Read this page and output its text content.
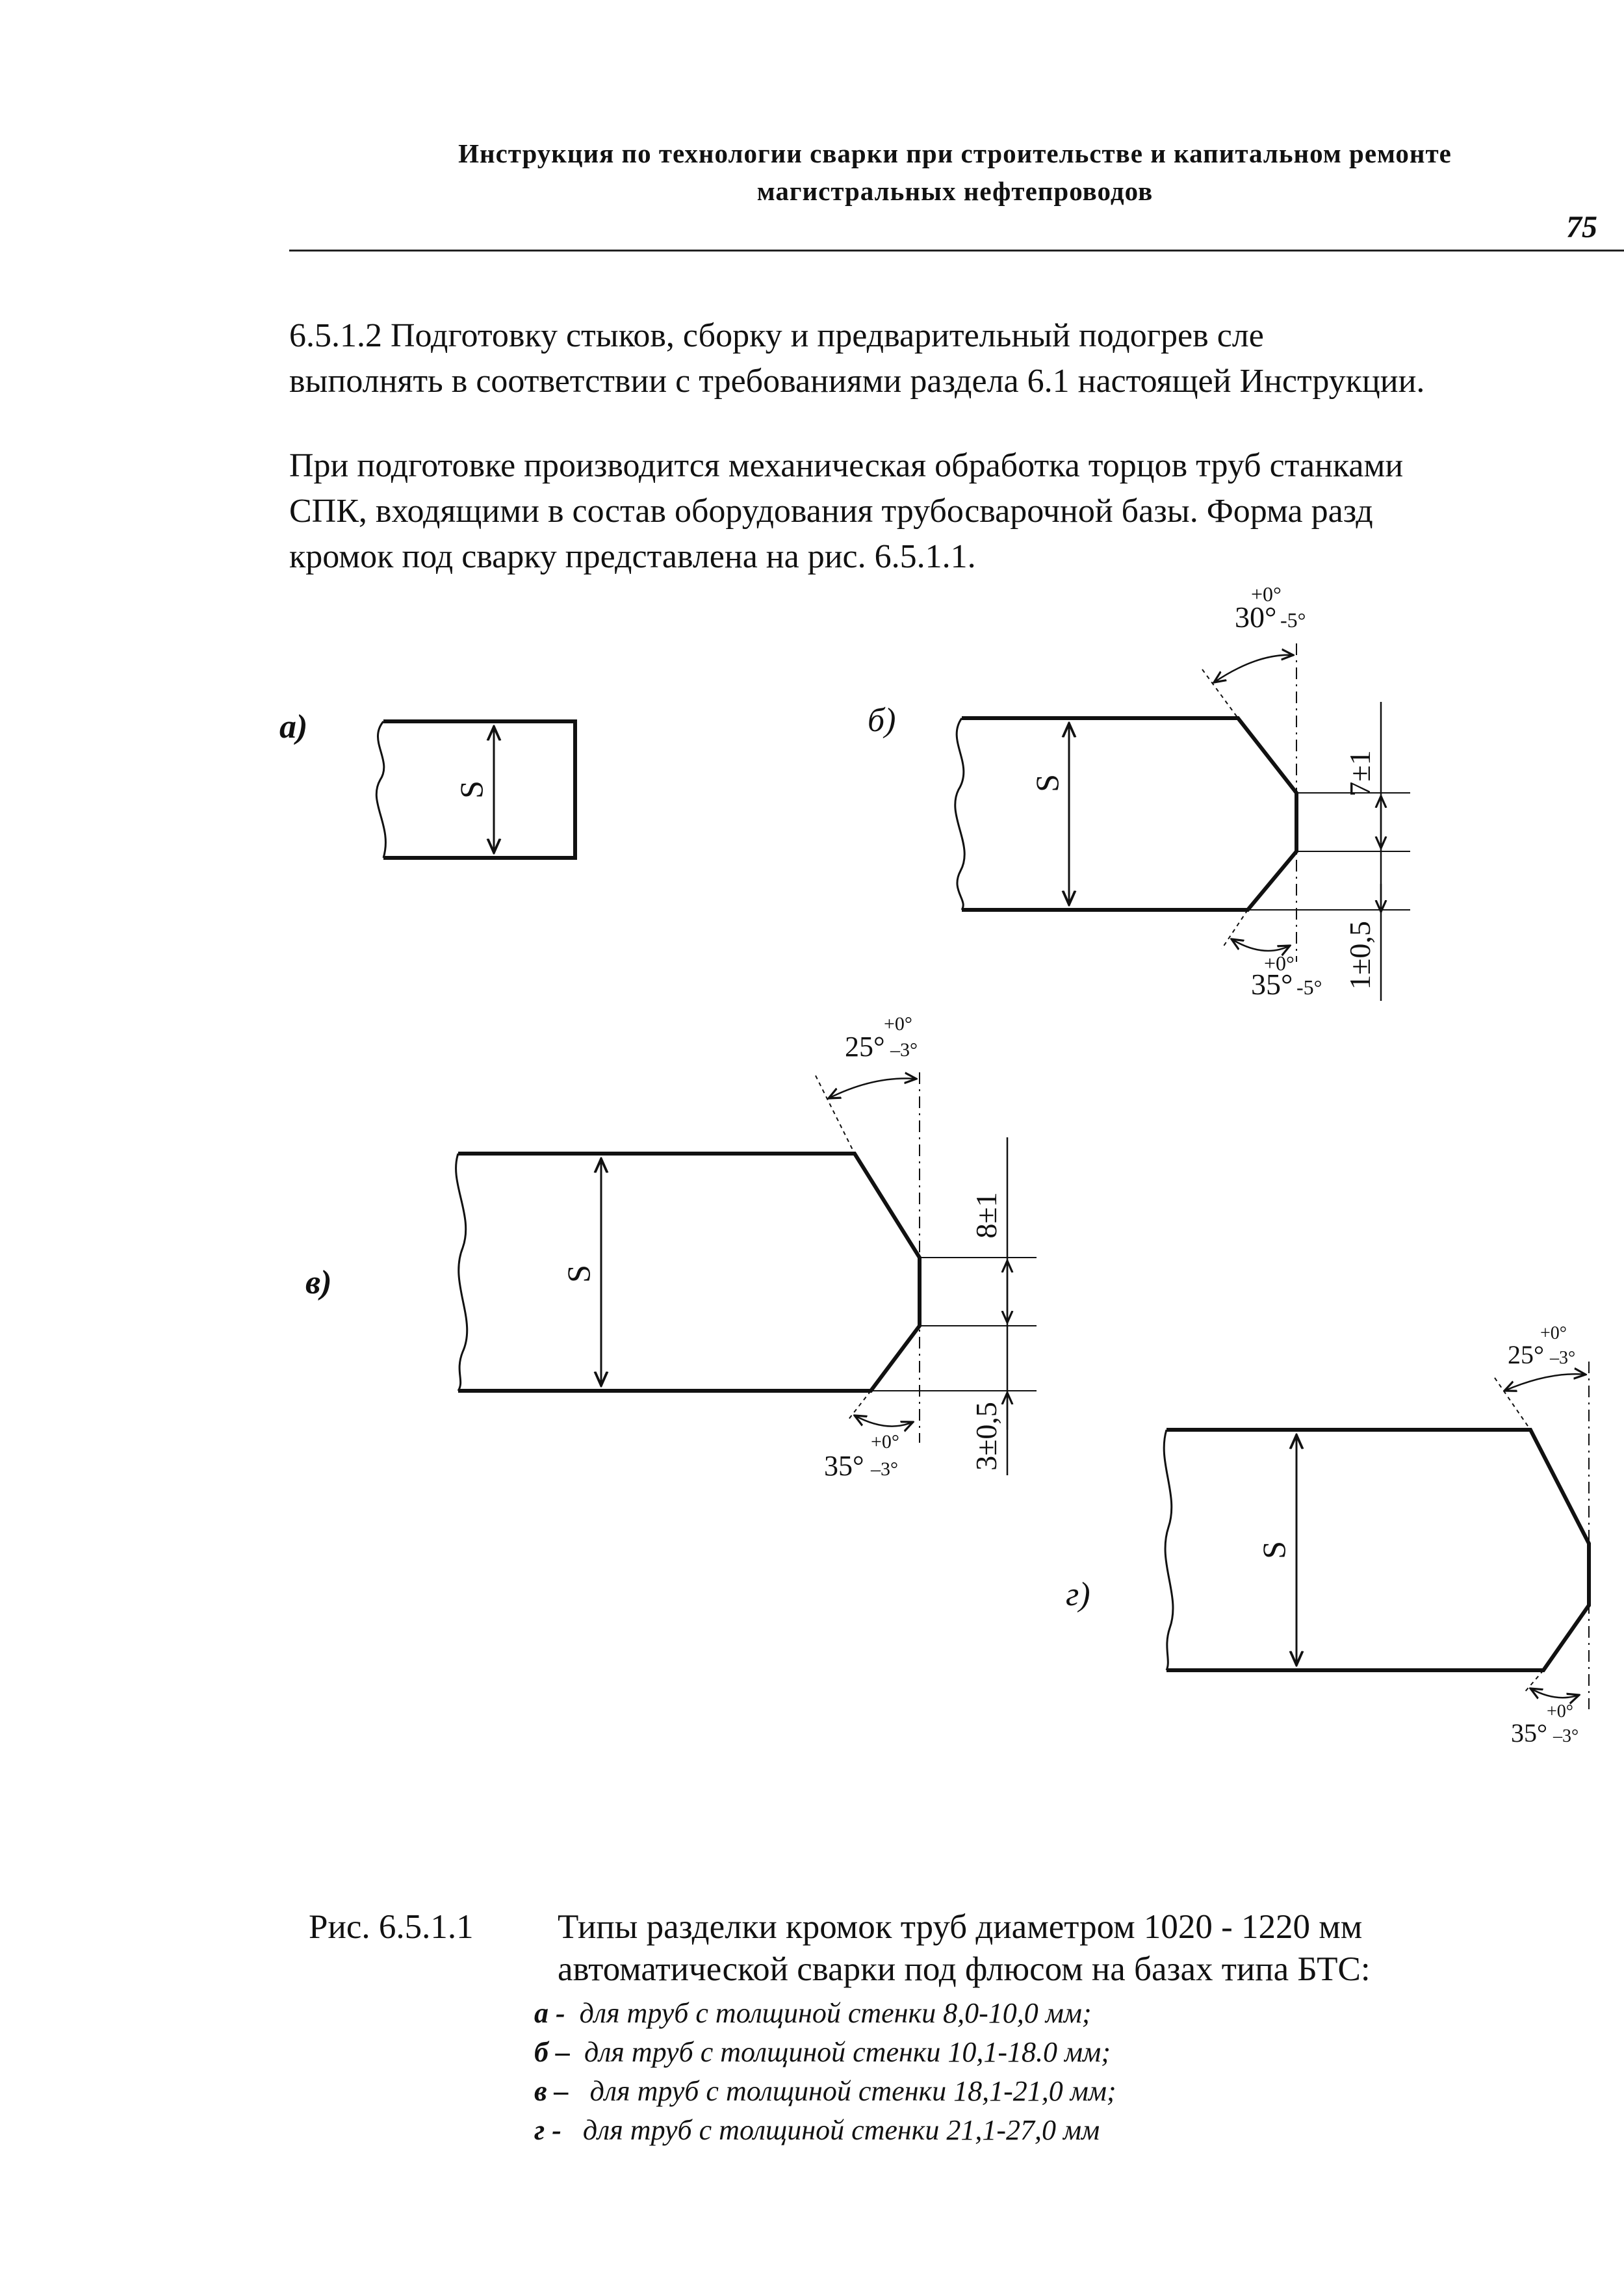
Инструкция по технологии сварки при строительстве и капитальном ремонте
магистральных нефтепроводов
75
6.5.1.2 Подготовку стыков, сборку и предварительный подогрев сле
выполнять в соответствии с требованиями раздела 6.1 настоящей Инструкции.
При подготовке производится механическая обработка торцов труб станками
СПК, входящими в состав оборудования трубосварочной базы. Форма разд
кромок под сварку представлена на рис. 6.5.1.1.
а)
S
б)
S	7±1
1±0,5
30°
+0°
-5°
35°
+0°
-5°
в)	S
8±1
3±0,5
25°
+0°
–3°
35°
+0°
–3°
г)
S
25°
+0°
–3°
35°
+0°
–3°
Рис. 6.5.1.1 Типы разделки кромок труб диаметром 1020 - 1220 мм
автоматической сварки под флюсом на базах типа БТС:
а - для труб с толщиной стенки 8,0-10,0 мм;
б – для труб с толщиной стенки 10,1-18.0 мм;
в –   для труб с толщиной стенки 18,1-21,0 мм;
г -   для труб с толщиной стенки 21,1-27,0 мм
